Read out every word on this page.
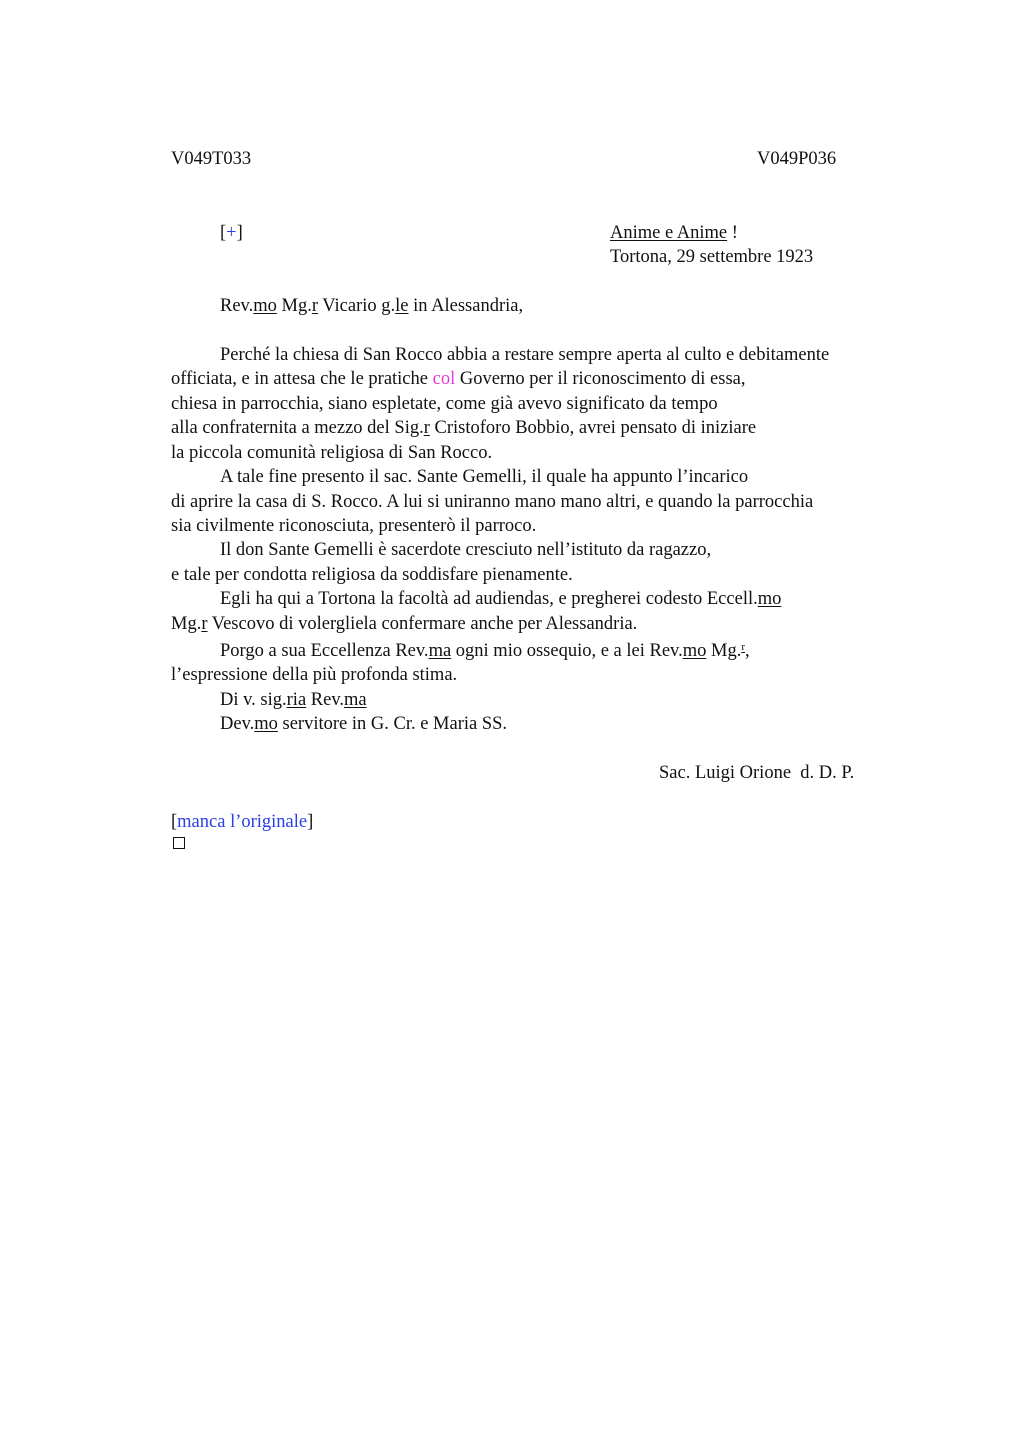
V049T033	V049P036
[+]	Anime e Anime !
Tortona, 29 settembre 1923
Rev.mo Mg.r Vicario g.le in Alessandria,
Perché la chiesa di San Rocco abbia a restare sempre aperta al culto e debitamente
officiata, e in attesa che le pratiche col Governo per il riconoscimento di essa,
chiesa in parrocchia, siano espletate, come già avevo significato da tempo
alla confraternita a mezzo del Sig.r Cristoforo Bobbio, avrei pensato di iniziare
la piccola comunità religiosa di San Rocco.
A tale fine presento il sac. Sante Gemelli, il quale ha appunto l’incarico
di aprire la casa di S. Rocco. A lui si uniranno mano mano altri, e quando la parrocchia
sia civilmente riconosciuta, presenterò il parroco.
Il don Sante Gemelli è sacerdote cresciuto nell’istituto da ragazzo,
e tale per condotta religiosa da soddisfare pienamente.
Egli ha qui a Tortona la facoltà ad audiendas, e pregherei codesto Eccell.mo
Mg.r Vescovo di volergliela confermare anche per Alessandria.
Porgo a sua Eccellenza Rev.ma ogni mio ossequio, e a lei Rev.mo Mg.$^r$,
l’espressione della più profonda stima.
Di v. sig.ria Rev.ma
Dev.mo servitore in G. Cr. e Maria SS.
Sac. Luigi Orione  d. D. P.
[manca l’originale]
